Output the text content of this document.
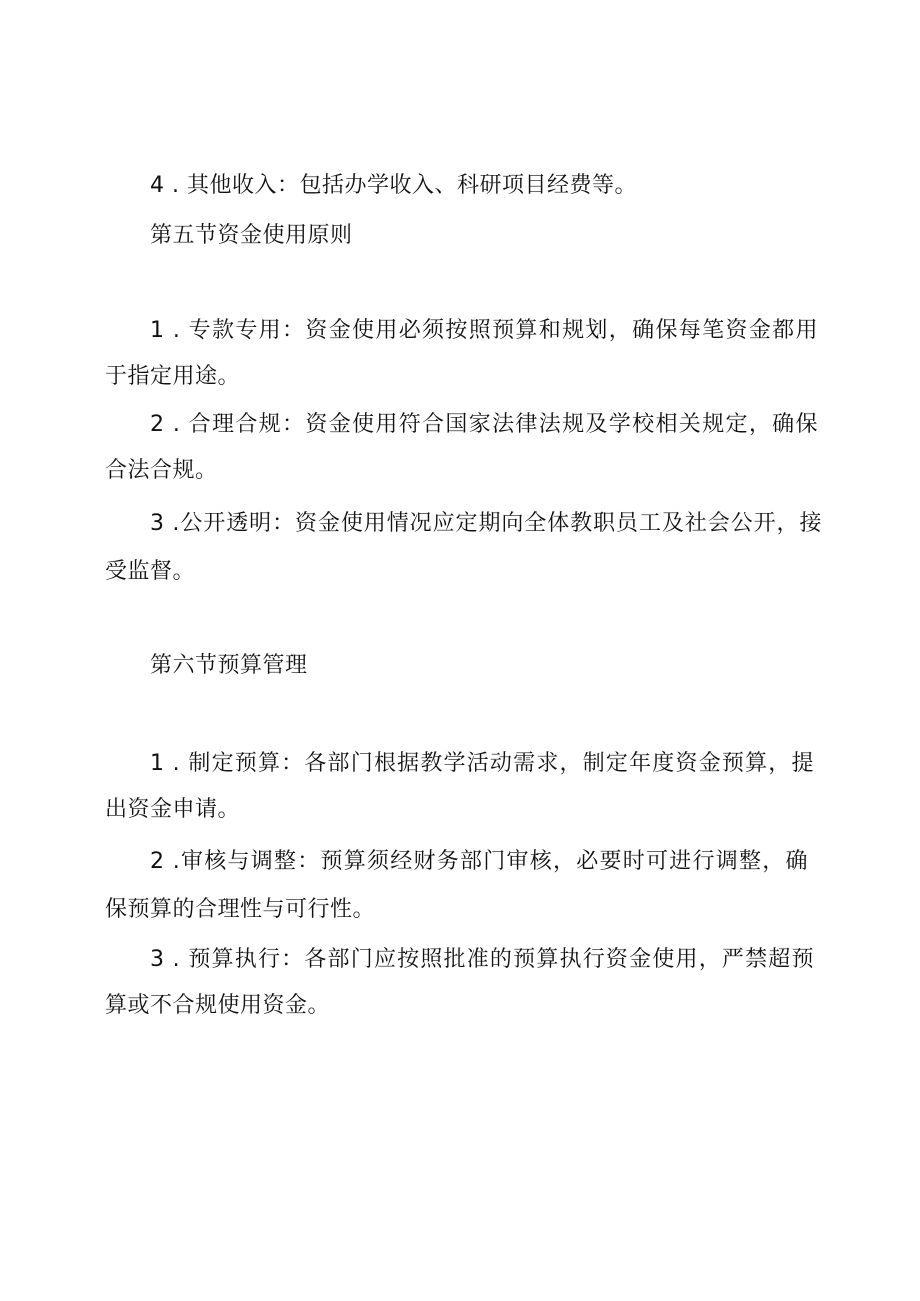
4 . 其他收入：包括办学收入、科研项目经费等。
第五节资金使用原则
1 . 专款专用：资金使用必须按照预算和规划，确保每笔资金都用
于指定用途。
2 . 合理合规：资金使用符合国家法律法规及学校相关规定，确保
合法合规。
3 .公开透明：资金使用情况应定期向全体教职员工及社会公开，接
受监督。
第六节预算管理
1 . 制定预算：各部门根据教学活动需求，制定年度资金预算，提
出资金申请。
2 .审核与调整：预算须经财务部门审核，必要时可进行调整，确
保预算的合理性与可行性。
3 . 预算执行：各部门应按照批准的预算执行资金使用，严禁超预
算或不合规使用资金。
